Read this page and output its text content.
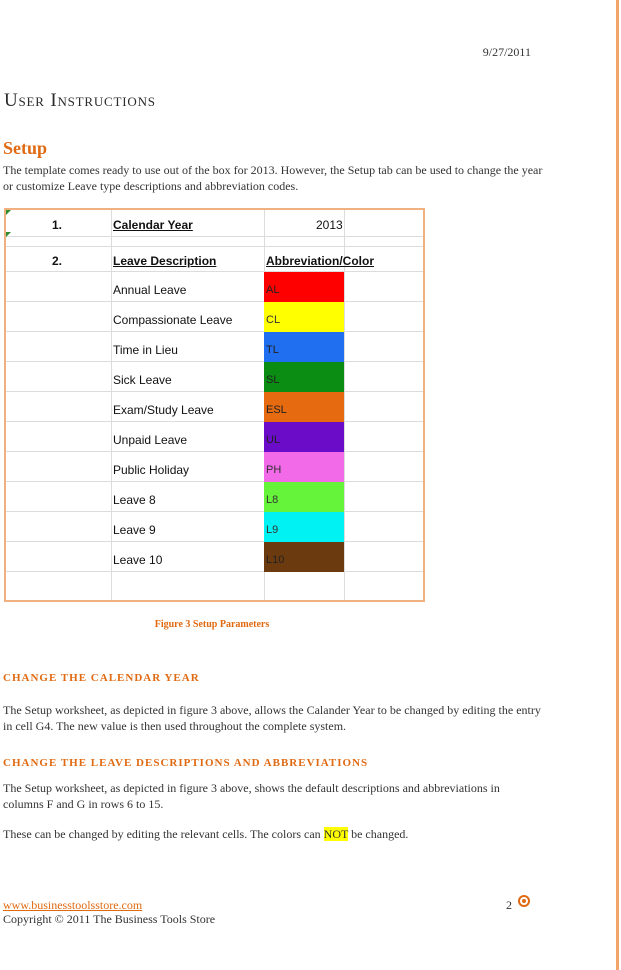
9/27/2011
User Instructions
Setup
The template comes ready to use out of the box for 2013. However, the Setup tab can be used to change the year or customize Leave type descriptions and abbreviation codes.
1.	Calendar Year	2013
2.	Leave Description	Abbreviation/Color
Annual Leave	AL
Compassionate Leave	CL
Time in Lieu	TL
Sick Leave	SL
Exam/Study Leave	ESL
Unpaid Leave	UL
Public Holiday	PH
Leave 8	L8
Leave 9	L9
Leave 10	L10
Figure 3 Setup Parameters
CHANGE THE CALENDAR YEAR
The Setup worksheet, as depicted in figure 3 above, allows the Calander Year to be changed by editing the entry in cell G4. The new value is then used throughout the complete system.
CHANGE THE LEAVE DESCRIPTIONS AND ABBREVIATIONS
The Setup worksheet, as depicted in figure 3 above, shows the default descriptions and abbreviations in columns F and G in rows 6 to 15.
These can be changed by editing the relevant cells. The colors can NOT be changed.
www.businesstoolsstore.com
Copyright © 2011 The Business Tools Store
2
